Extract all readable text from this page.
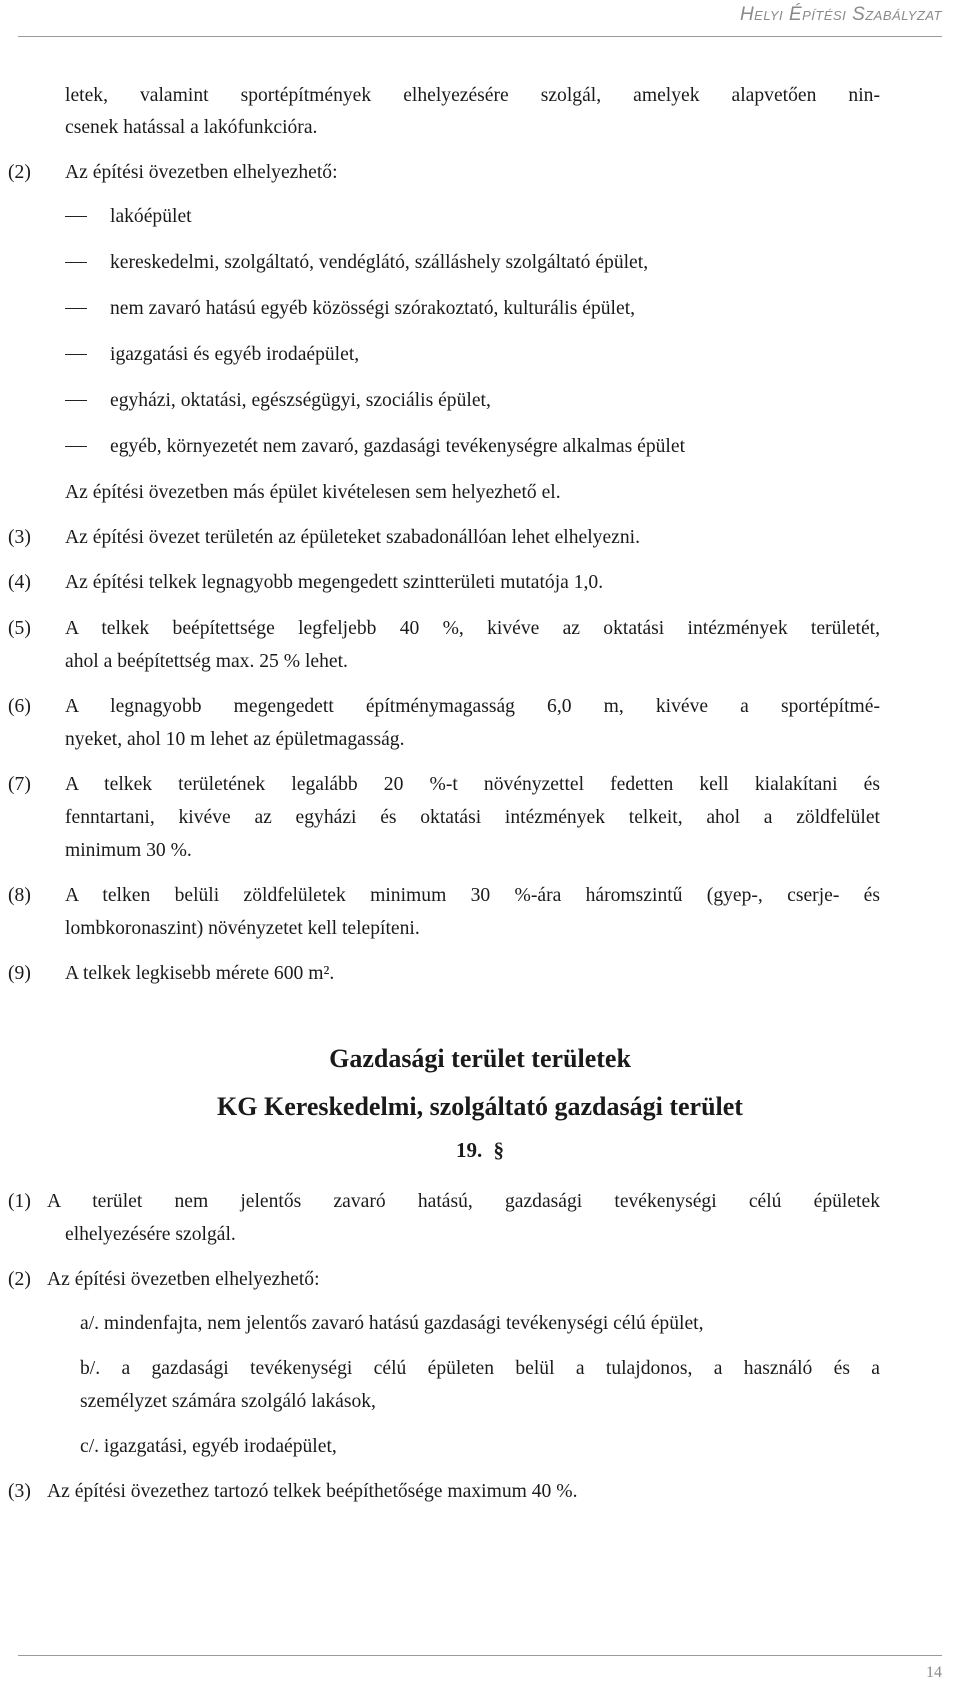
Helyi Építési Szabályzat
letek, valamint sportépítmények elhelyezésére szolgál, amelyek alapvetően nin-
csenek hatással a lakófunkcióra.
(2) Az építési övezetben elhelyezhető:
lakóépület
kereskedelmi, szolgáltató, vendéglátó, szálláshely szolgáltató épület,
nem zavaró hatású egyéb közösségi szórakoztató, kulturális épület,
igazgatási és egyéb irodaépület,
egyházi, oktatási, egészségügyi, szociális épület,
egyéb, környezetét nem zavaró, gazdasági tevékenységre alkalmas épület
Az építési övezetben más épület kivételesen sem helyezhető el.
(3) Az építési övezet területén az épületeket szabadonállóan lehet elhelyezni.
(4) Az építési telkek legnagyobb megengedett szintterületi mutatója 1,0.
(5) A telkek beépítettsége legfeljebb 40 %, kivéve az oktatási intézmények területét,
ahol a beépítettség max. 25 % lehet.
(6) A legnagyobb megengedett építménymagasság 6,0 m, kivéve a sportépítmé-
nyeket, ahol 10 m lehet az épületmagasság.
(7) A telkek területének legalább 20 %-t növényzettel fedetten kell kialakítani és
fenntartani, kivéve az egyházi és oktatási intézmények telkeit, ahol a zöldfelület
minimum 30 %.
(8) A telken belüli zöldfelületek minimum 30 %-ára háromszintű (gyep-, cserje- és
lombkoronaszint) növényzetet kell telepíteni.
(9) A telkek legkisebb mérete 600 m².
Gazdasági terület területek
KG Kereskedelmi, szolgáltató gazdasági terület
19. §
(1) A terület nem jelentős zavaró hatású, gazdasági tevékenységi célú épületek
elhelyezésére szolgál.
(2) Az építési övezetben elhelyezhető:
a/. mindenfajta, nem jelentős zavaró hatású gazdasági tevékenységi célú épület,
b/. a gazdasági tevékenységi célú épületen belül a tulajdonos, a használó és a
személyzet számára szolgáló lakások,
c/. igazgatási, egyéb irodaépület,
(3) Az építési övezethez tartozó telkek beépíthetősége maximum 40 %.
14
